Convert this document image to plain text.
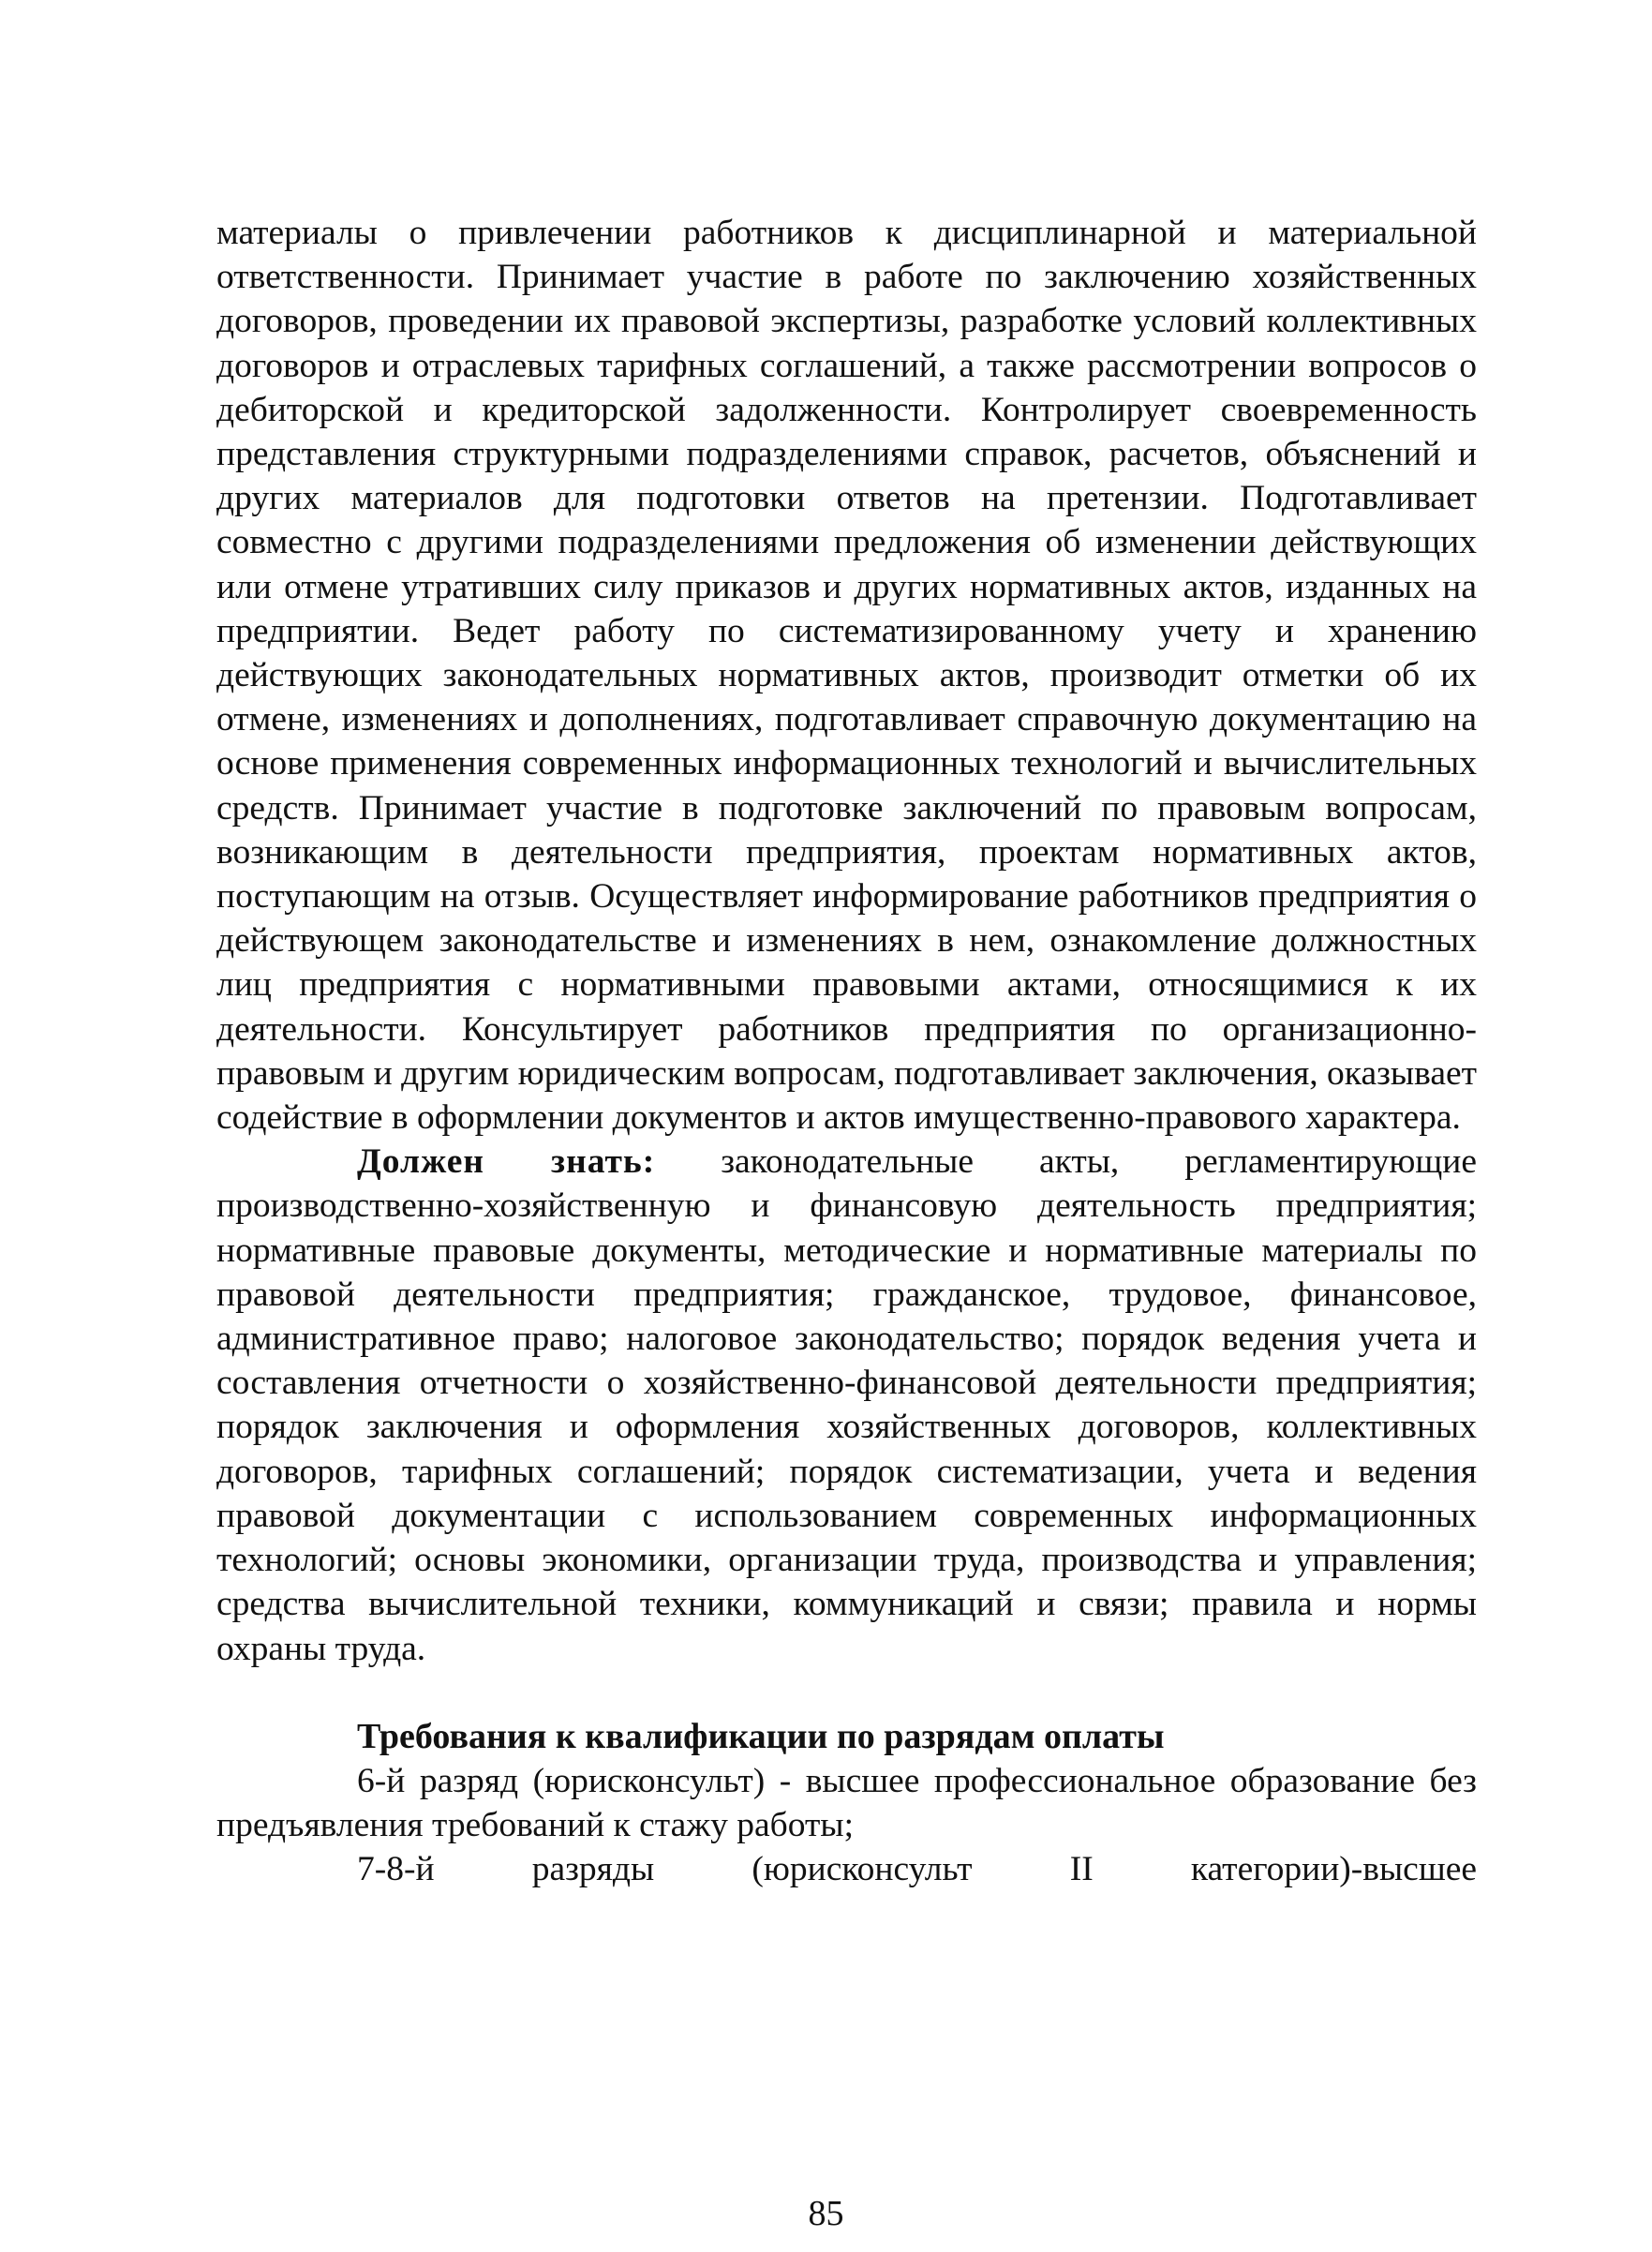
материалы о привлечении работников к дисциплинарной и материальной ответственности. Принимает участие в работе по заключению хозяйственных договоров, проведении их правовой экспертизы, разработке условий коллективных договоров и отраслевых тарифных соглашений, а также рассмотрении вопросов о дебиторской и кредиторской задолженности. Контролирует своевременность представления структурными подразделениями справок, расчетов, объяснений и других материалов для подготовки ответов на претензии. Подготавливает совместно с другими подразделениями предложения об изменении действующих или отмене утративших силу приказов и других нормативных актов, изданных на предприятии. Ведет работу по систематизированному учету и хранению действующих законодательных нормативных актов, производит отметки об их отмене, изменениях и дополнениях, подготавливает справочную документацию на основе применения современных информационных технологий и вычислительных средств. Принимает участие в подготовке заключений по правовым вопросам, возникающим в деятельности предприятия, проектам нормативных актов, поступающим на отзыв. Осуществляет информирование работников предприятия о действующем законодательстве и изменениях в нем, ознакомление должностных лиц предприятия с нормативными правовыми актами, относящимися к их деятельности. Консультирует работников предприятия по организационно-правовым и другим юридическим вопросам, подготавливает заключения, оказывает содействие в оформлении документов и актов имущественно-правового характера.

Должен знать: законодательные акты, регламентирующие производственно-хозяйственную и финансовую деятельность предприятия; нормативные правовые документы, методические и нормативные материалы по правовой деятельности предприятия; гражданское, трудовое, финансовое, административное право; налоговое законодательство; порядок ведения учета и составления отчетности о хозяйственно-финансовой деятельности предприятия; порядок заключения и оформления хозяйственных договоров, коллективных договоров, тарифных соглашений; порядок систематизации, учета и ведения правовой документации с использованием современных информационных технологий; основы экономики, организации труда, производства и управления; средства вычислительной техники, коммуникаций и связи; правила и нормы охраны труда.

Требования к квалификации по разрядам оплаты

6-й разряд (юрисконсульт) - высшее профессиональное образование без предъявления требований к стажу работы;

7-8-й разряды (юрисконсульт II категории)-высшее

85
